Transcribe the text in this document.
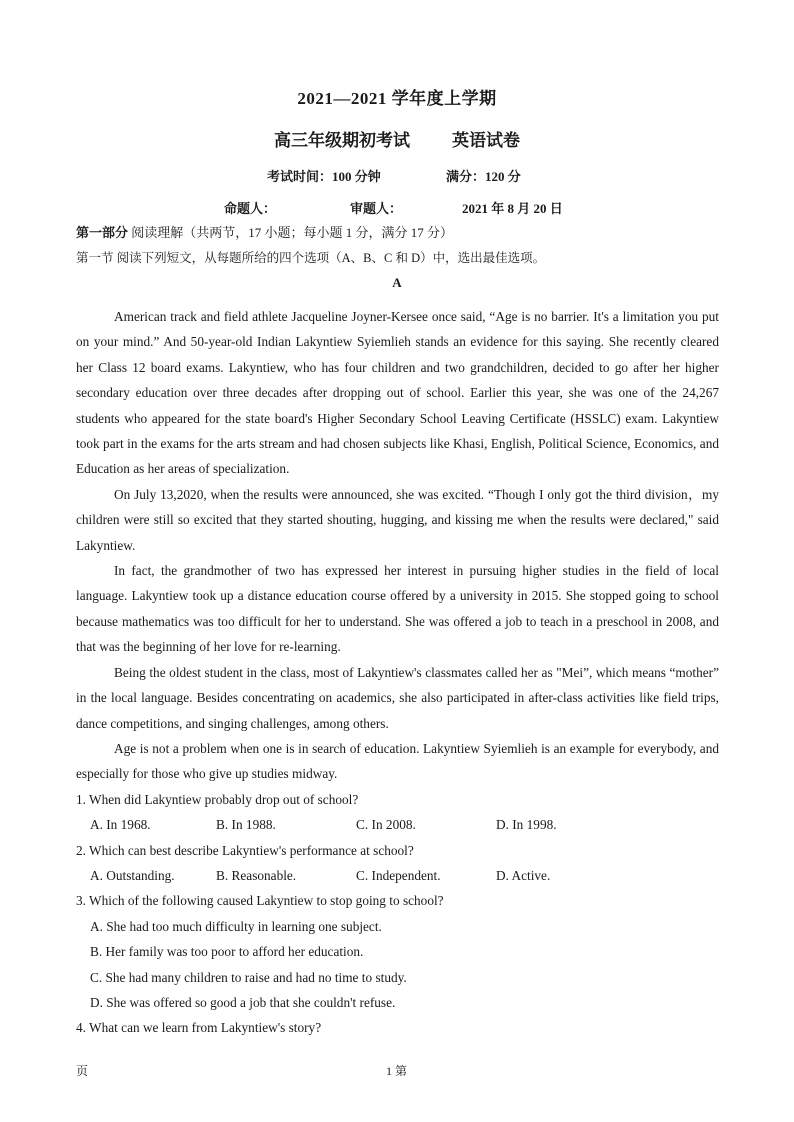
2021—2021 学年度上学期
高三年级期初考试 英语试卷
考试时间：100 分钟	满分：120 分
命题人：	审题人：	2021 年 8 月 20 日
第一部分 阅读理解（共两节，17 小题；每小题 1 分，满分 17 分）
第一节 阅读下列短文，从每题所给的四个选项（A、B、C 和 D）中，选出最佳选项。
A

American track and field athlete Jacqueline Joyner-Kersee once said, “Age is no barrier. It's a limitation you put on your mind.” And 50-year-old Indian Lakyntiew Syiemlieh stands an evidence for this saying. She recently cleared her Class 12 board exams. Lakyntiew, who has four children and two grandchildren, decided to go after her higher secondary education over three decades after dropping out of school. Earlier this year, she was one of the 24,267 students who appeared for the state board's Higher Secondary School Leaving Certificate (HSSLC) exam. Lakyntiew took part in the exams for the arts stream and had chosen subjects like Khasi, English, Political Science, Economics, and Education as her areas of specialization.

On July 13,2020, when the results were announced, she was excited. “Though I only got the third division，my children were still so excited that they started shouting, hugging, and kissing me when the results were declared," said Lakyntiew.

In fact, the grandmother of two has expressed her interest in pursuing higher studies in the field of local language. Lakyntiew took up a distance education course offered by a university in 2015. She stopped going to school because mathematics was too difficult for her to understand. She was offered a job to teach in a preschool in 2008, and that was the beginning of her love for re-learning.

Being the oldest student in the class, most of Lakyntiew's classmates called her as "Mei”, which means “mother” in the local language. Besides concentrating on academics, she also participated in after-class activities like field trips, dance competitions, and singing challenges, among others.

Age is not a problem when one is in search of education. Lakyntiew Syiemlieh is an example for everybody, and especially for those who give up studies midway.

1. When did Lakyntiew probably drop out of school?
A. In 1968.	B. In 1988.	C. In 2008.	D. In 1998.
2. Which can best describe Lakyntiew's performance at school?
A. Outstanding.	B. Reasonable.	C. Independent.	D. Active.
3. Which of the following caused Lakyntiew to stop going to school?
A. She had too much difficulty in learning one subject.
B. Her family was too poor to afford her education.
C. She had many children to raise and had no time to study.
D. She was offered so good a job that she couldn't refuse.
4. What can we learn from Lakyntiew's story?
页	1 第
